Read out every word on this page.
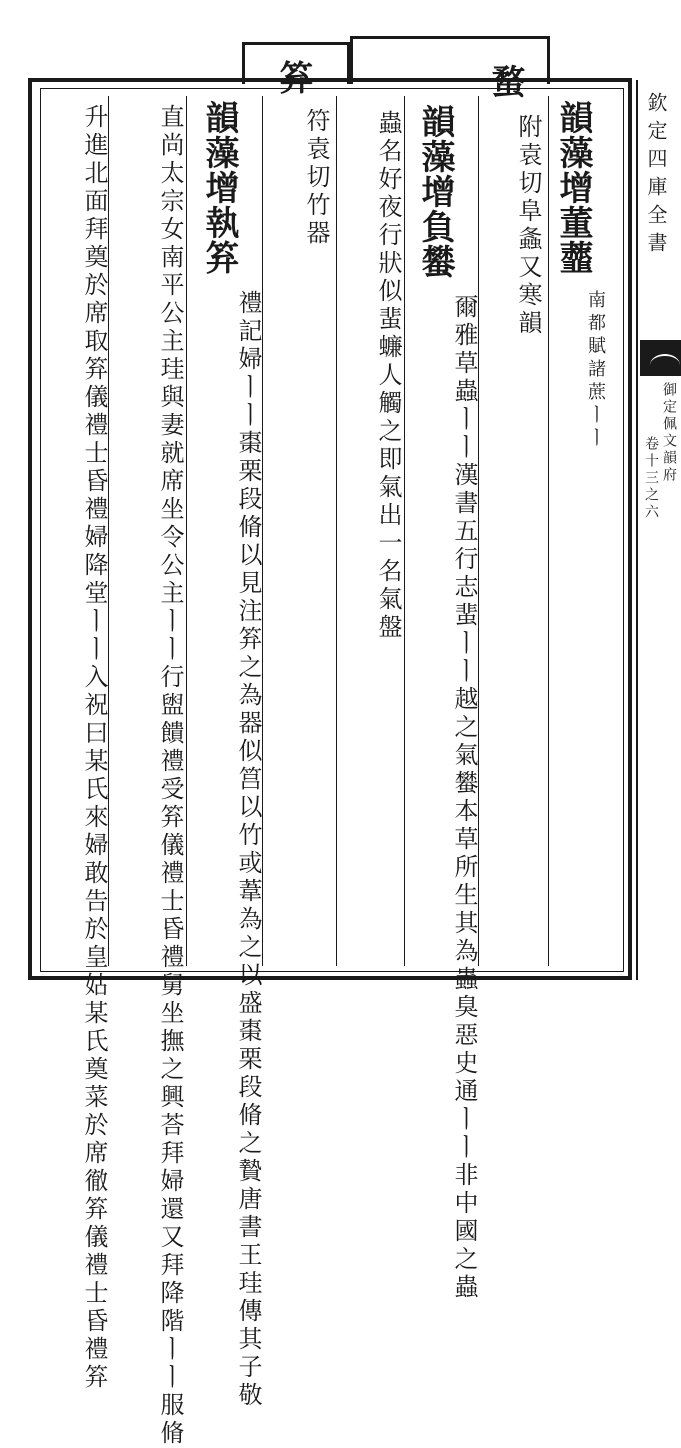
欽定四庫全書
御定佩文韻府
卷十三之六
韻藻增董虀
南都賦諸蔗ㅣㅣ
蝥
附袁切阜螽又寒韻
韻藻增負蠜
爾雅草蟲ㅣㅣ漢書五行志蜚ㅣㅣ越之氣蠜本草所生其為蟲臭惡史通ㅣㅣ非中國之蟲
蟲名好夜行狀似蜚蠊人觸之即氣出一名氣盤
笲
符袁切竹器
韻藻增執笲
禮記婦ㅣㅣ棗栗段脩以見注笲之為器似筥以竹或葦為之以盛棗栗段脩之贄唐書王珪傳其子敬
直尚太宗女南平公主珪與妻就席坐令公主ㅣㅣ行盥饋禮受笲儀禮士昏禮舅坐撫之興荅拜婦還又拜降階ㅣㅣ服脩
升進北面拜奠於席取笲儀禮士昏禮婦降堂ㅣㅣ入祝曰某氏來婦敢告於皇姑某氏奠菜於席徹笲儀禮士昏禮笲
